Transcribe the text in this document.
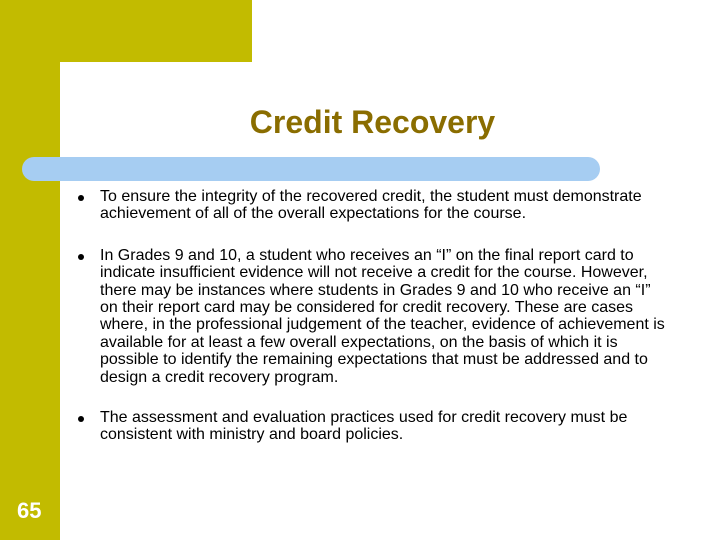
Credit Recovery
To ensure the integrity of the recovered credit, the student must demonstrate achievement of all of the overall expectations for the course.
In Grades 9 and 10, a student who receives an “I” on the final report card to indicate insufficient evidence will not receive a credit for the course. However, there may be instances where students in Grades 9 and 10 who receive an “I” on their report card may be considered for credit recovery. These are cases where, in the professional judgement of the teacher, evidence of achievement is available for at least a few overall expectations, on the basis of which it is possible to identify the remaining expectations that must be addressed and to design a credit recovery program.
The assessment and evaluation practices used for credit recovery must be consistent with ministry and board policies.
65
